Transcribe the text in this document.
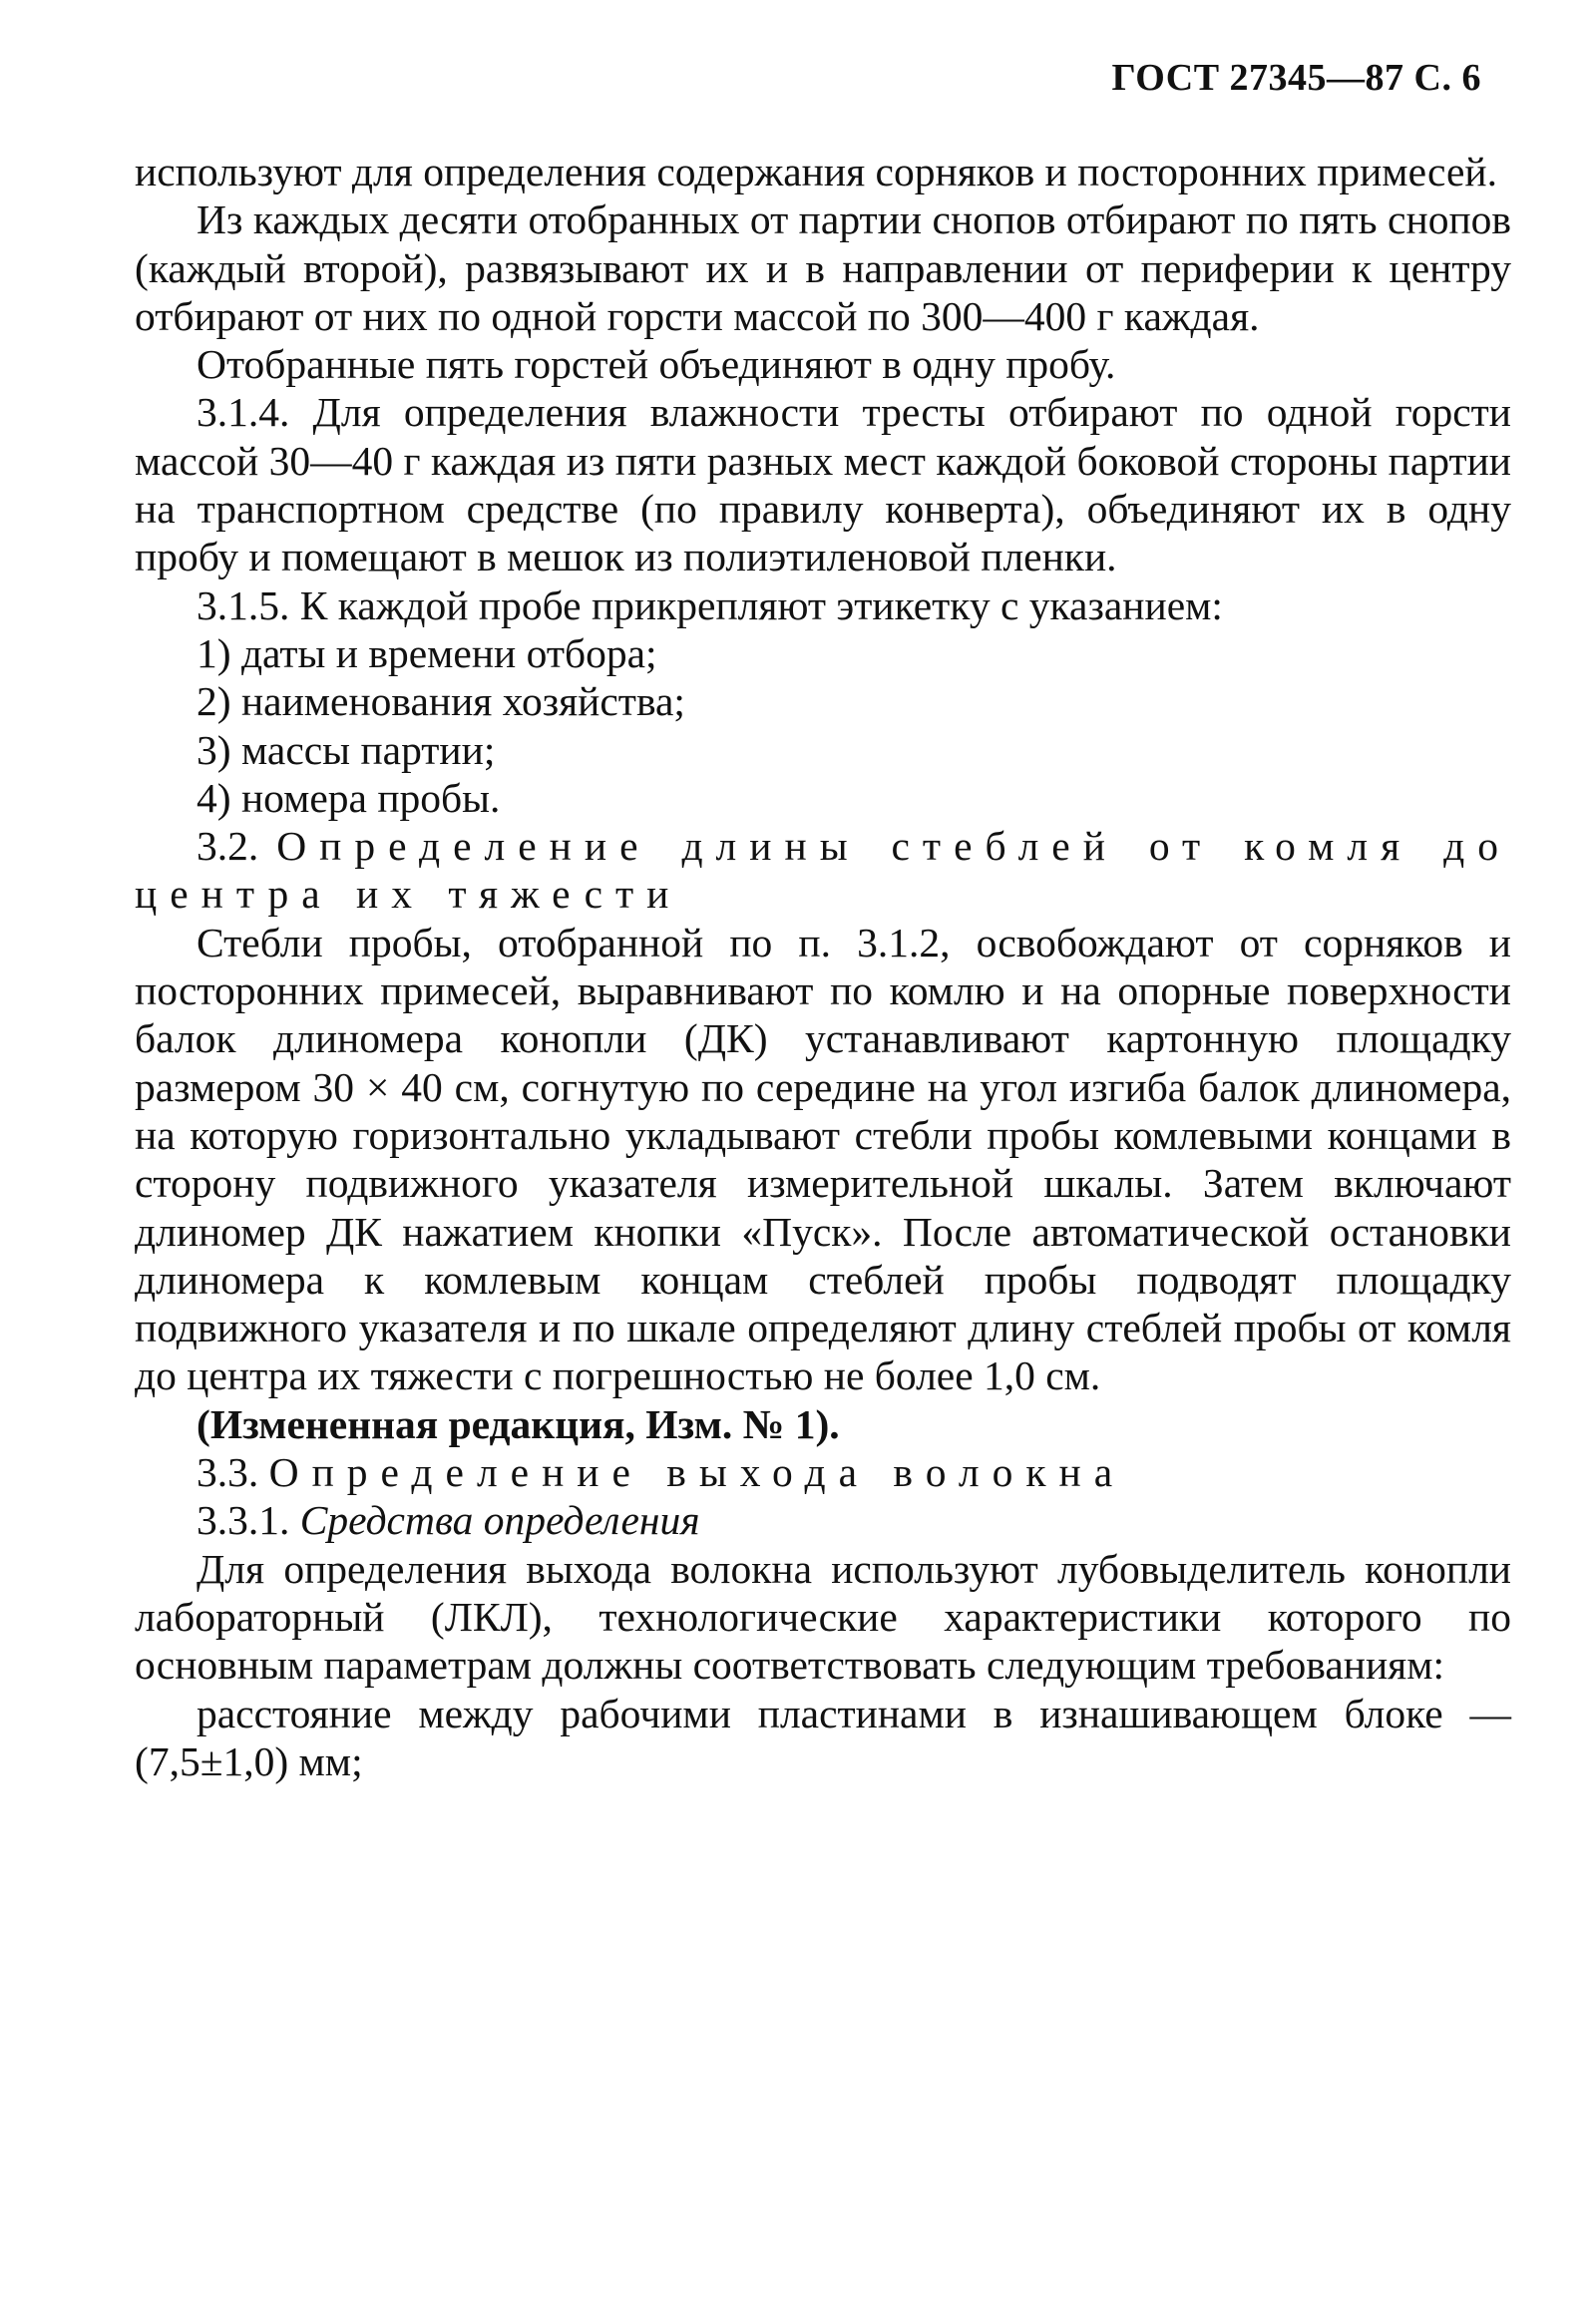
ГОСТ 27345—87 С. 6

используют для определения содержания сорняков и посторонних примесей.

Из каждых десяти отобранных от партии снопов отбирают по пять снопов (каждый второй), развязывают их и в направлении от периферии к центру отбирают от них по одной горсти массой по 300—400 г каждая.

Отобранные пять горстей объединяют в одну пробу.

3.1.4. Для определения влажности тресты отбирают по одной горсти массой 30—40 г каждая из пяти разных мест каждой боковой стороны партии на транспортном средстве (по правилу конверта), объединяют их в одну пробу и помещают в мешок из полиэтиленовой пленки.

3.1.5. К каждой пробе прикрепляют этикетку с указанием:

1) даты и времени отбора;

2) наименования хозяйства;

3) массы партии;

4) номера пробы.

3.2. Определение длины стеблей от комля до центра их тяжести

Стебли пробы, отобранной по п. 3.1.2, освобождают от сорняков и посторонних примесей, выравнивают по комлю и на опорные поверхности балок длиномера конопли (ДК) устанавливают картонную площадку размером 30 × 40 см, согнутую по середине на угол изгиба балок длиномера, на которую горизонтально укладывают стебли пробы комлевыми концами в сторону подвижного указателя измерительной шкалы. Затем включают длиномер ДК нажатием кнопки «Пуск». После автоматической остановки длиномера к комлевым концам стеблей пробы подводят площадку подвижного указателя и по шкале определяют длину стеблей пробы от комля до центра их тяжести с погрешностью не более 1,0 см.

(Измененная редакция, Изм. № 1).

3.3. Определение выхода волокна

3.3.1. Средства определения

Для определения выхода волокна используют лубовыделитель конопли лабораторный (ЛКЛ), технологические характеристики которого по основным параметрам должны соответствовать следующим требованиям:

расстояние между рабочими пластинами в изнашивающем блоке — (7,5±1,0) мм;
